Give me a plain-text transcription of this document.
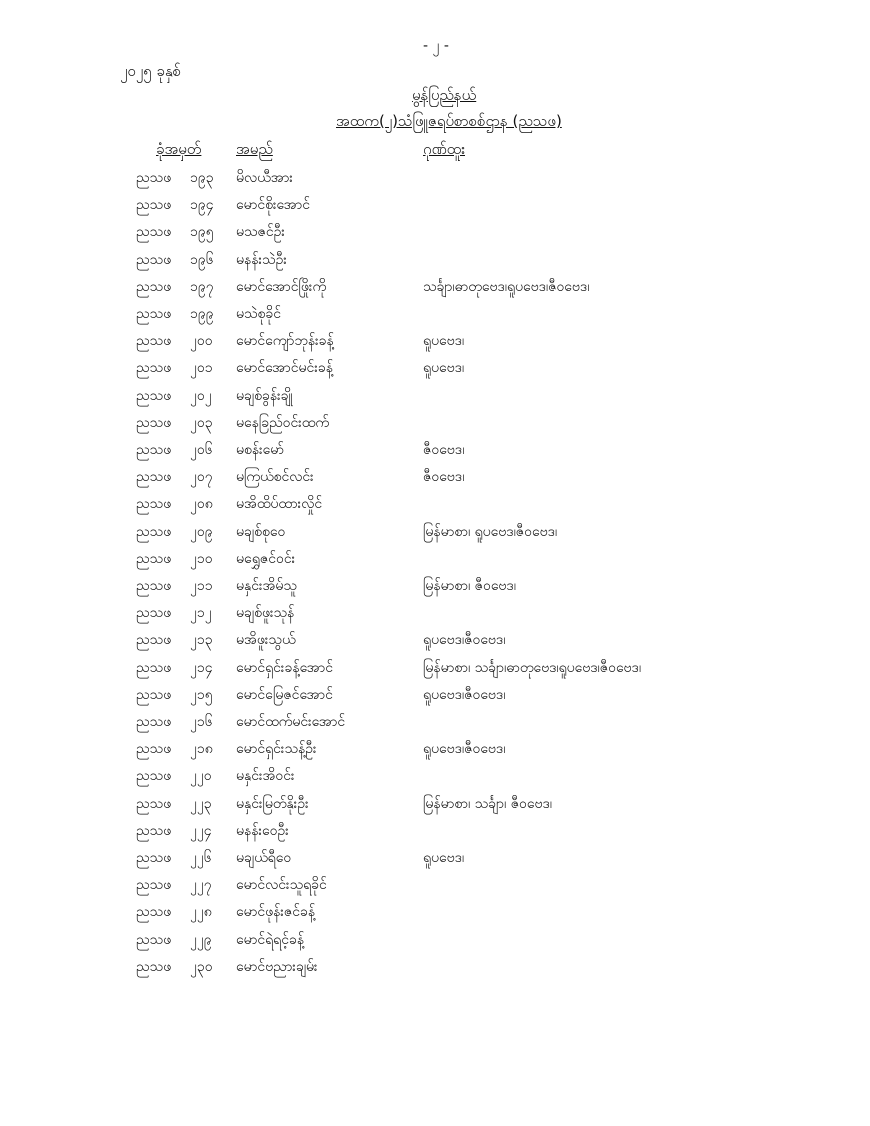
- ၂ -
၂၀၂၅ ခုနှစ်
မွန်ပြည်နယ်
အထက(၂)သံဖြူဇရပ်စာစစ်ဌာန (ညသဖ)
ခုံအမှတ် အမည်	ဂုဏ်ထူး
ညသဖ ၁၉၃ မိလယီအား
ညသဖ ၁၉၄ မောင်စိုးအောင်
ညသဖ ၁၉၅ မသဇင်ဦး
ညသဖ ၁၉၆ မနန်းသဲဦး
ညသဖ ၁၉၇ မောင်အောင်ဖြိုးကို	သင်္ချာ၊ဓာတုဗေဒ၊ရူပဗေဒ၊ဇီဝဗေဒ၊
ညသဖ ၁၉၉ မသဲစုခိုင်
ညသဖ ၂၀၀ မောင်ကျော်ဘုန်းခန့်	ရူပဗေဒ၊
ညသဖ ၂၀၁ မောင်အောင်မင်းခန့်	ရူပဗေဒ၊
ညသဖ ၂၀၂ မချစ်ခွန်းချို
ညသဖ ၂၀၃ မနေခြည်ဝင်းထက်
ညသဖ ၂၀၆ မစန်းမော်	ဇီဝဗေဒ၊
ညသဖ ၂၀၇ မကြယ်စင်လင်း	ဇီဝဗေဒ၊
ညသဖ ၂၀၈ မအိထိပ်ထားလှိုင်
ညသဖ ၂၀၉ မချစ်စုဝေ	မြန်မာစာ၊ ရူပဗေဒ၊ဇီဝဗေဒ၊
ညသဖ ၂၁၀ မရွှေဇင်ဝင်း
ညသဖ ၂၁၁ မနှင်းအိမ်သူ	မြန်မာစာ၊ ဇီဝဗေဒ၊
ညသဖ ၂၁၂ မချစ်ဖူးသုန်
ညသဖ ၂၁၃ မအိဖူးသွယ်	ရူပဗေဒ၊ဇီဝဗေဒ၊
ညသဖ ၂၁၄ မောင်ရှင်းခန့်အောင်	မြန်မာစာ၊ သင်္ချာ၊ဓာတုဗေဒ၊ရူပဗေဒ၊ဇီဝဗေဒ၊
ညသဖ ၂၁၅ မောင်မြေဇင်အောင်	ရူပဗေဒ၊ဇီဝဗေဒ၊
ညသဖ ၂၁၆ မောင်ထက်မင်းအောင်
ညသဖ ၂၁၈ မောင်ရှင်းသန့်ဦး	ရူပဗေဒ၊ဇီဝဗေဒ၊
ညသဖ ၂၂၀ မနှင်းအိဝင်း
ညသဖ ၂၂၃ မနှင်းမြတ်နိုးဦး	မြန်မာစာ၊ သင်္ချာ၊ ဇီဝဗေဒ၊
ညသဖ ၂၂၄ မနန်းဝေဦး
ညသဖ ၂၂၆ မချယ်ရီဝေ	ရူပဗေဒ၊
ညသဖ ၂၂၇ မောင်လင်းသူရခိုင်
ညသဖ ၂၂၈ မောင်ဖုန်းဇင်ခန့်
ညသဖ ၂၂၉ မောင်ရဲရင့်ခန့်
ညသဖ ၂၃၀ မောင်ဗညားချမ်း
